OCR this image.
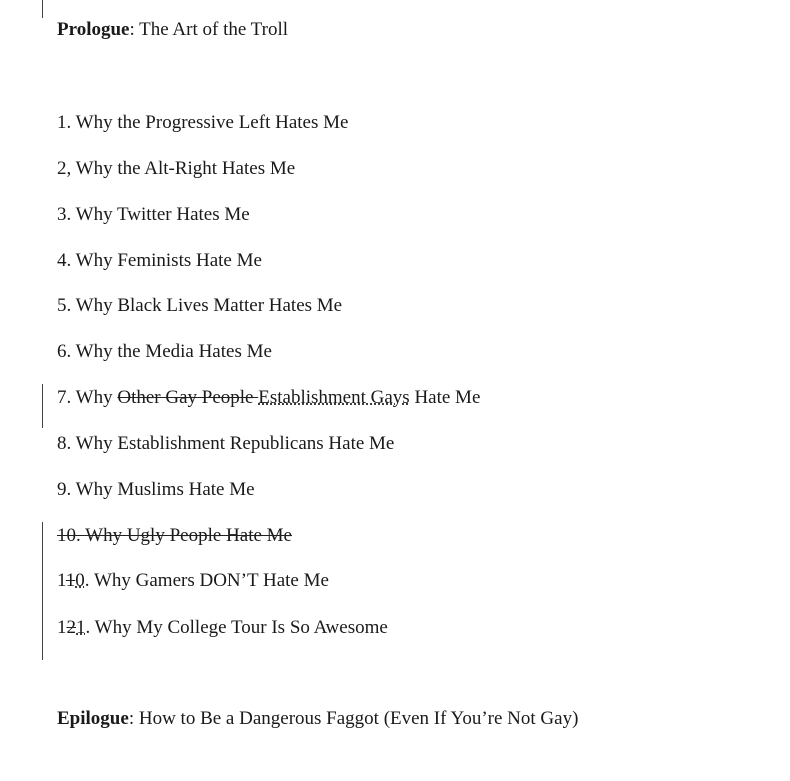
Prologue: The Art of the Troll
1. Why the Progressive Left Hates Me
2, Why the Alt-Right Hates Me
3. Why Twitter Hates Me
4. Why Feminists Hate Me
5. Why Black Lives Matter Hates Me
6. Why the Media Hates Me
7. Why Other Gay People Establishment Gays Hate Me
8. Why Establishment Republicans Hate Me
9. Why Muslims Hate Me
10. Why Ugly People Hate Me
110. Why Gamers DON’T Hate Me
121. Why My College Tour Is So Awesome
Epilogue: How to Be a Dangerous Faggot (Even If You’re Not Gay)
